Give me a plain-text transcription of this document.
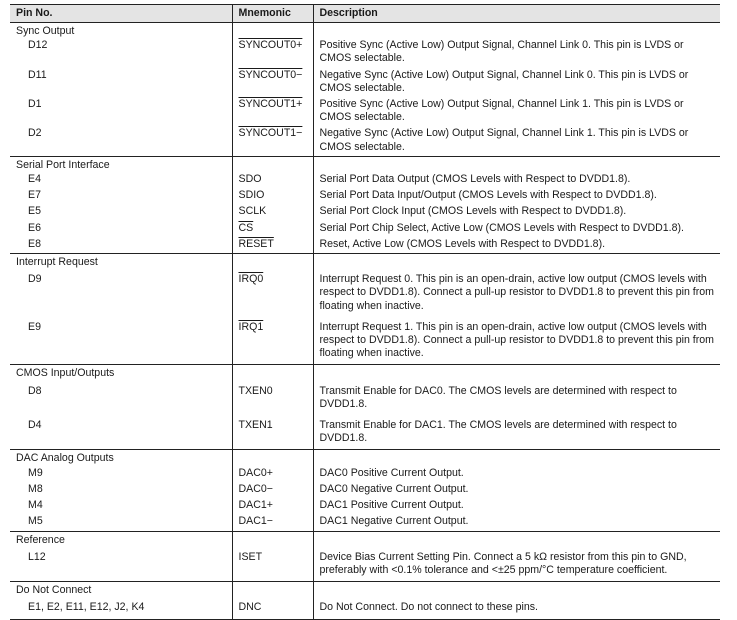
Pin No.	Mnemonic	Description
Sync Output		
D12	SYNCOUT0+	Positive Sync (Active Low) Output Signal, Channel Link 0. This pin is LVDS or CMOS selectable.
D11	SYNCOUT0−	Negative Sync (Active Low) Output Signal, Channel Link 0. This pin is LVDS or CMOS selectable.
D1	SYNCOUT1+	Positive Sync (Active Low) Output Signal, Channel Link 1. This pin is LVDS or CMOS selectable.
D2	SYNCOUT1−	Negative Sync (Active Low) Output Signal, Channel Link 1. This pin is LVDS or CMOS selectable.
Serial Port Interface		
E4	SDO	Serial Port Data Output (CMOS Levels with Respect to DVDD1.8).
E7	SDIO	Serial Port Data Input/Output (CMOS Levels with Respect to DVDD1.8).
E5	SCLK	Serial Port Clock Input (CMOS Levels with Respect to DVDD1.8).
E6	$\overline{CS}$	Serial Port Chip Select, Active Low (CMOS Levels with Respect to DVDD1.8).
E8	RESET	Reset, Active Low (CMOS Levels with Respect to DVDD1.8).
Interrupt Request		
D9	IRQ0	Interrupt Request 0. This pin is an open-drain, active low output (CMOS levels with respect to DVDD1.8). Connect a pull-up resistor to DVDD1.8 to prevent this pin from floating when inactive.
E9	IRQ1	Interrupt Request 1. This pin is an open-drain, active low output (CMOS levels with respect to DVDD1.8). Connect a pull-up resistor to DVDD1.8 to prevent this pin from floating when inactive.
CMOS Input/Outputs		
D8	TXEN0	Transmit Enable for DAC0. The CMOS levels are determined with respect to DVDD1.8.
D4	TXEN1	Transmit Enable for DAC1. The CMOS levels are determined with respect to DVDD1.8.
DAC Analog Outputs		
M9	DAC0+	DAC0 Positive Current Output.
M8	DAC0−	DAC0 Negative Current Output.
M4	DAC1+	DAC1 Positive Current Output.
M5	DAC1−	DAC1 Negative Current Output.
Reference		
L12	ISET	Device Bias Current Setting Pin. Connect a 5 kΩ resistor from this pin to GND, preferably with <0.1% tolerance and <±25 ppm/°C temperature coefficient.
Do Not Connect		
E1, E2, E11, E12, J2, K4	DNC	Do Not Connect. Do not connect to these pins.
